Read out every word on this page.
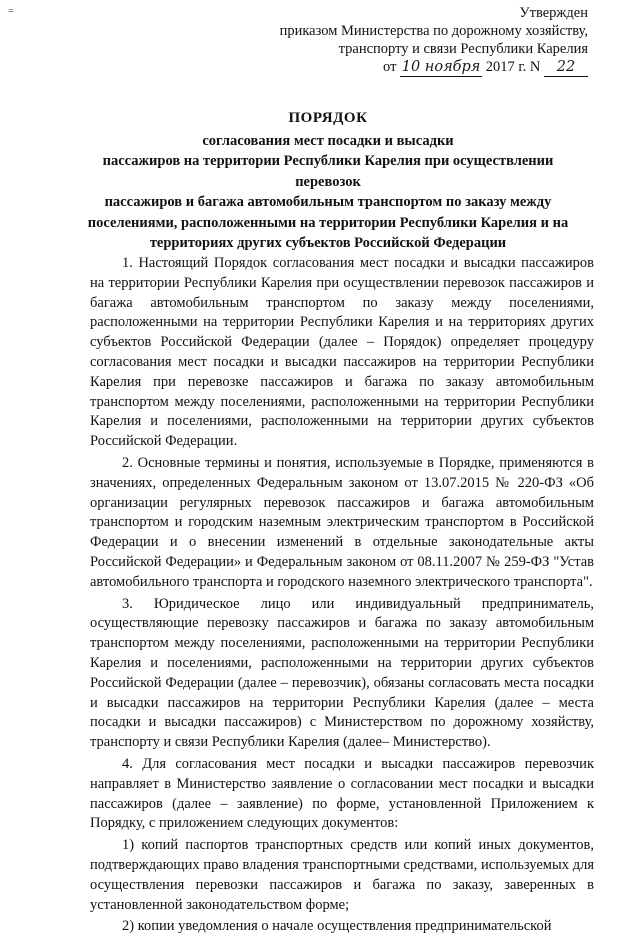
=	Утвержден
приказом Министерства по дорожному хозяйству,
транспорту и связи Республики Карелия
от 10 ноября 2017 г. N 22
ПОРЯДОК
согласования мест посадки и высадки
пассажиров на территории Республики Карелия при осуществлении перевозок
пассажиров и багажа автомобильным транспортом по заказу между
поселениями, расположенными на территории Республики Карелия и на
территориях других субъектов Российской Федерации

1. Настоящий Порядок согласования мест посадки и высадки пассажиров на территории Республики Карелия при осуществлении перевозок пассажиров и багажа автомобильным транспортом по заказу между поселениями, расположенными на территории Республики Карелия и на территориях других субъектов Российской Федерации (далее – Порядок) определяет процедуру согласования мест посадки и высадки пассажиров на территории Республики Карелия при перевозке пассажиров и багажа по заказу автомобильным транспортом между поселениями, расположенными на территории Республики Карелия и поселениями, расположенными на территории других субъектов Российской Федерации.

2. Основные термины и понятия, используемые в Порядке, применяются в значениях, определенных Федеральным законом от 13.07.2015 № 220-ФЗ «Об организации регулярных перевозок пассажиров и багажа автомобильным транспортом и городским наземным электрическим транспортом в Российской Федерации и о внесении изменений в отдельные законодательные акты Российской Федерации» и Федеральным законом от 08.11.2007 № 259-ФЗ "Устав автомобильного транспорта и городского наземного электрического транспорта".

3. Юридическое лицо или индивидуальный предприниматель, осуществляющие перевозку пассажиров и багажа по заказу автомобильным транспортом между поселениями, расположенными на территории Республики Карелия и поселениями, расположенными на территории других субъектов Российской Федерации (далее – перевозчик), обязаны согласовать места посадки и высадки пассажиров на территории Республики Карелия (далее – места посадки и высадки пассажиров) с Министерством по дорожному хозяйству, транспорту и связи Республики Карелия (далее– Министерство).

4. Для согласования мест посадки и высадки пассажиров перевозчик направляет в Министерство заявление о согласовании мест посадки и высадки пассажиров (далее – заявление) по форме, установленной Приложением к Порядку, с приложением следующих документов:

1) копий паспортов транспортных средств или копий иных документов, подтверждающих право владения транспортными средствами, используемых для осуществления перевозки пассажиров и багажа по заказу, заверенных в установленной законодательством форме;

2) копии уведомления о начале осуществления предпринимательской
